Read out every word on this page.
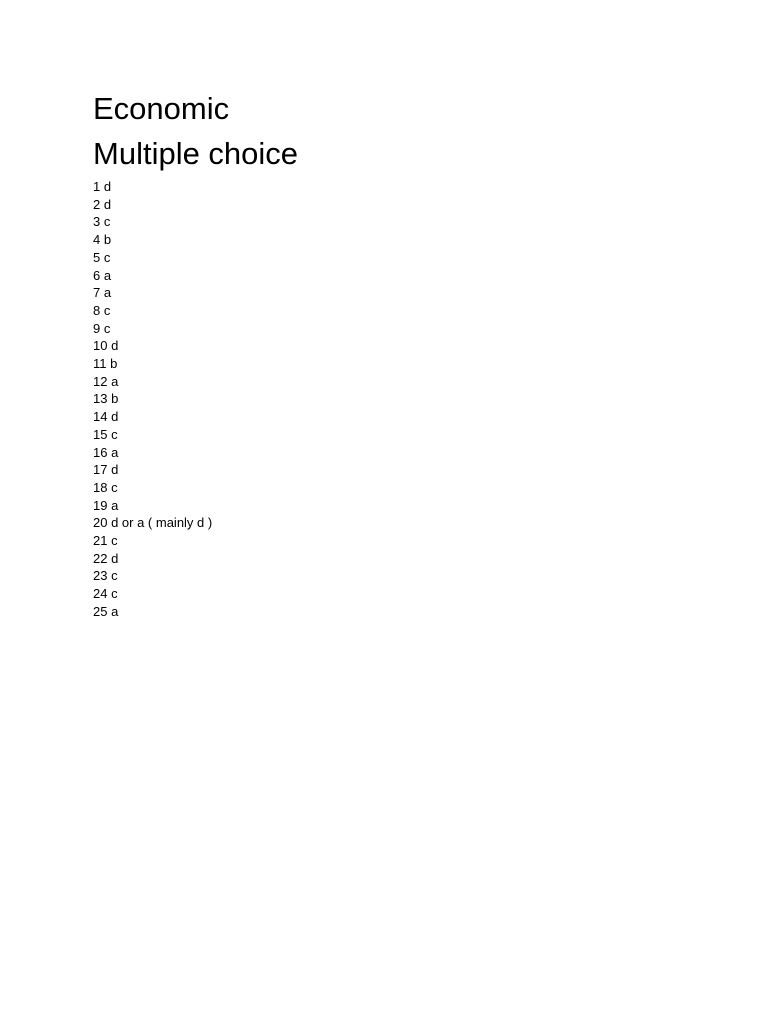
Economic
Multiple choice
1 d
2 d
3 c
4 b
5 c
6 a
7 a
8 c
9 c
10 d
11 b
12 a
13 b
14 d
15 c
16 a
17 d
18 c
19 a
20 d or a ( mainly d )
21 c
22 d
23 c
24 c
25 a
